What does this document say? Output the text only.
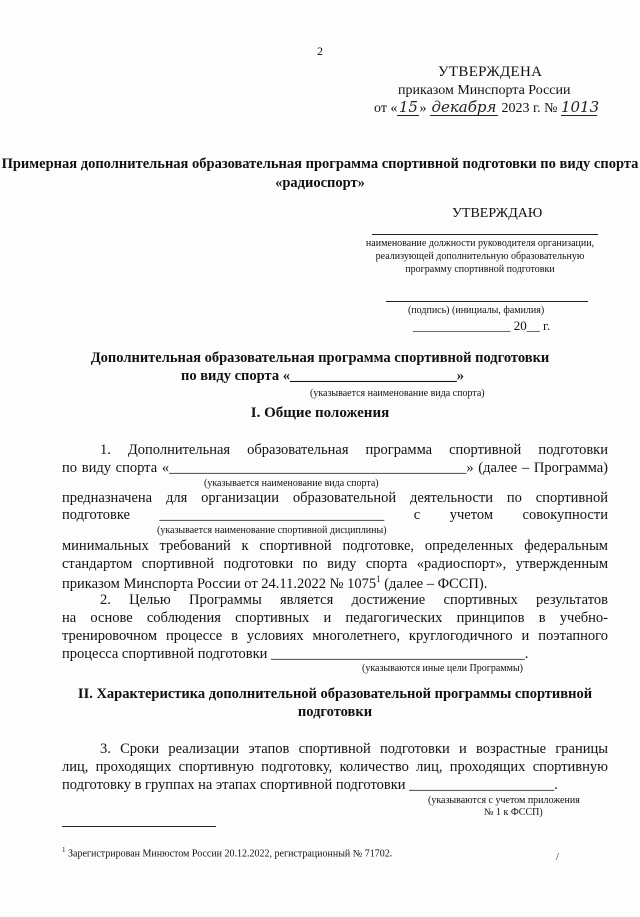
2
УТВЕРЖДЕНА
приказом Минспорта России
от «15» декабря 2023 г. № 1013
Примерная дополнительная образовательная программа спортивной подготовки по виду спорта «радиоспорт»
УТВЕРЖДАЮ
наименование должности руководителя организации, реализующей дополнительную образовательную программу спортивной подготовки
(подпись) (инициалы, фамилия)
_______________ 20__ г.
Дополнительная образовательная программа спортивной подготовки
по виду спорта «_______________________»
(указывается наименование вида спорта)
I. Общие положения
1. Дополнительная образовательная программа спортивной подготовки
по виду спорта «_________________________________________» (далее – Программа)
(указывается наименование вида спорта)
предназначена для организации образовательной деятельности по спортивной
подготовке _______________________________ с учетом совокупности
(указывается наименование спортивной дисциплины)
минимальных требований к спортивной подготовке, определенных федеральным
стандартом спортивной подготовки по виду спорта «радиоспорт», утвержденным
приказом Минспорта России от 24.11.2022 № 1075$^1$ (далее – ФССП).
2. Целью Программы является достижение спортивных результатов
на основе соблюдения спортивных и педагогических принципов в учебно-
тренировочном процессе в условиях многолетнего, круглогодичного и поэтапного
процесса спортивной подготовки ___________________________________.
(указываются иные цели Программы)
II. Характеристика дополнительной образовательной программы спортивной подготовки
3. Сроки реализации этапов спортивной подготовки и возрастные границы
лиц, проходящих спортивную подготовку, количество лиц, проходящих спортивную
подготовку в группах на этапах спортивной подготовки ____________________.
(указываются с учетом приложения
№ 1 к ФССП)
$^1$ Зарегистрирован Минюстом России 20.12.2022, регистрационный № 71702.	/
